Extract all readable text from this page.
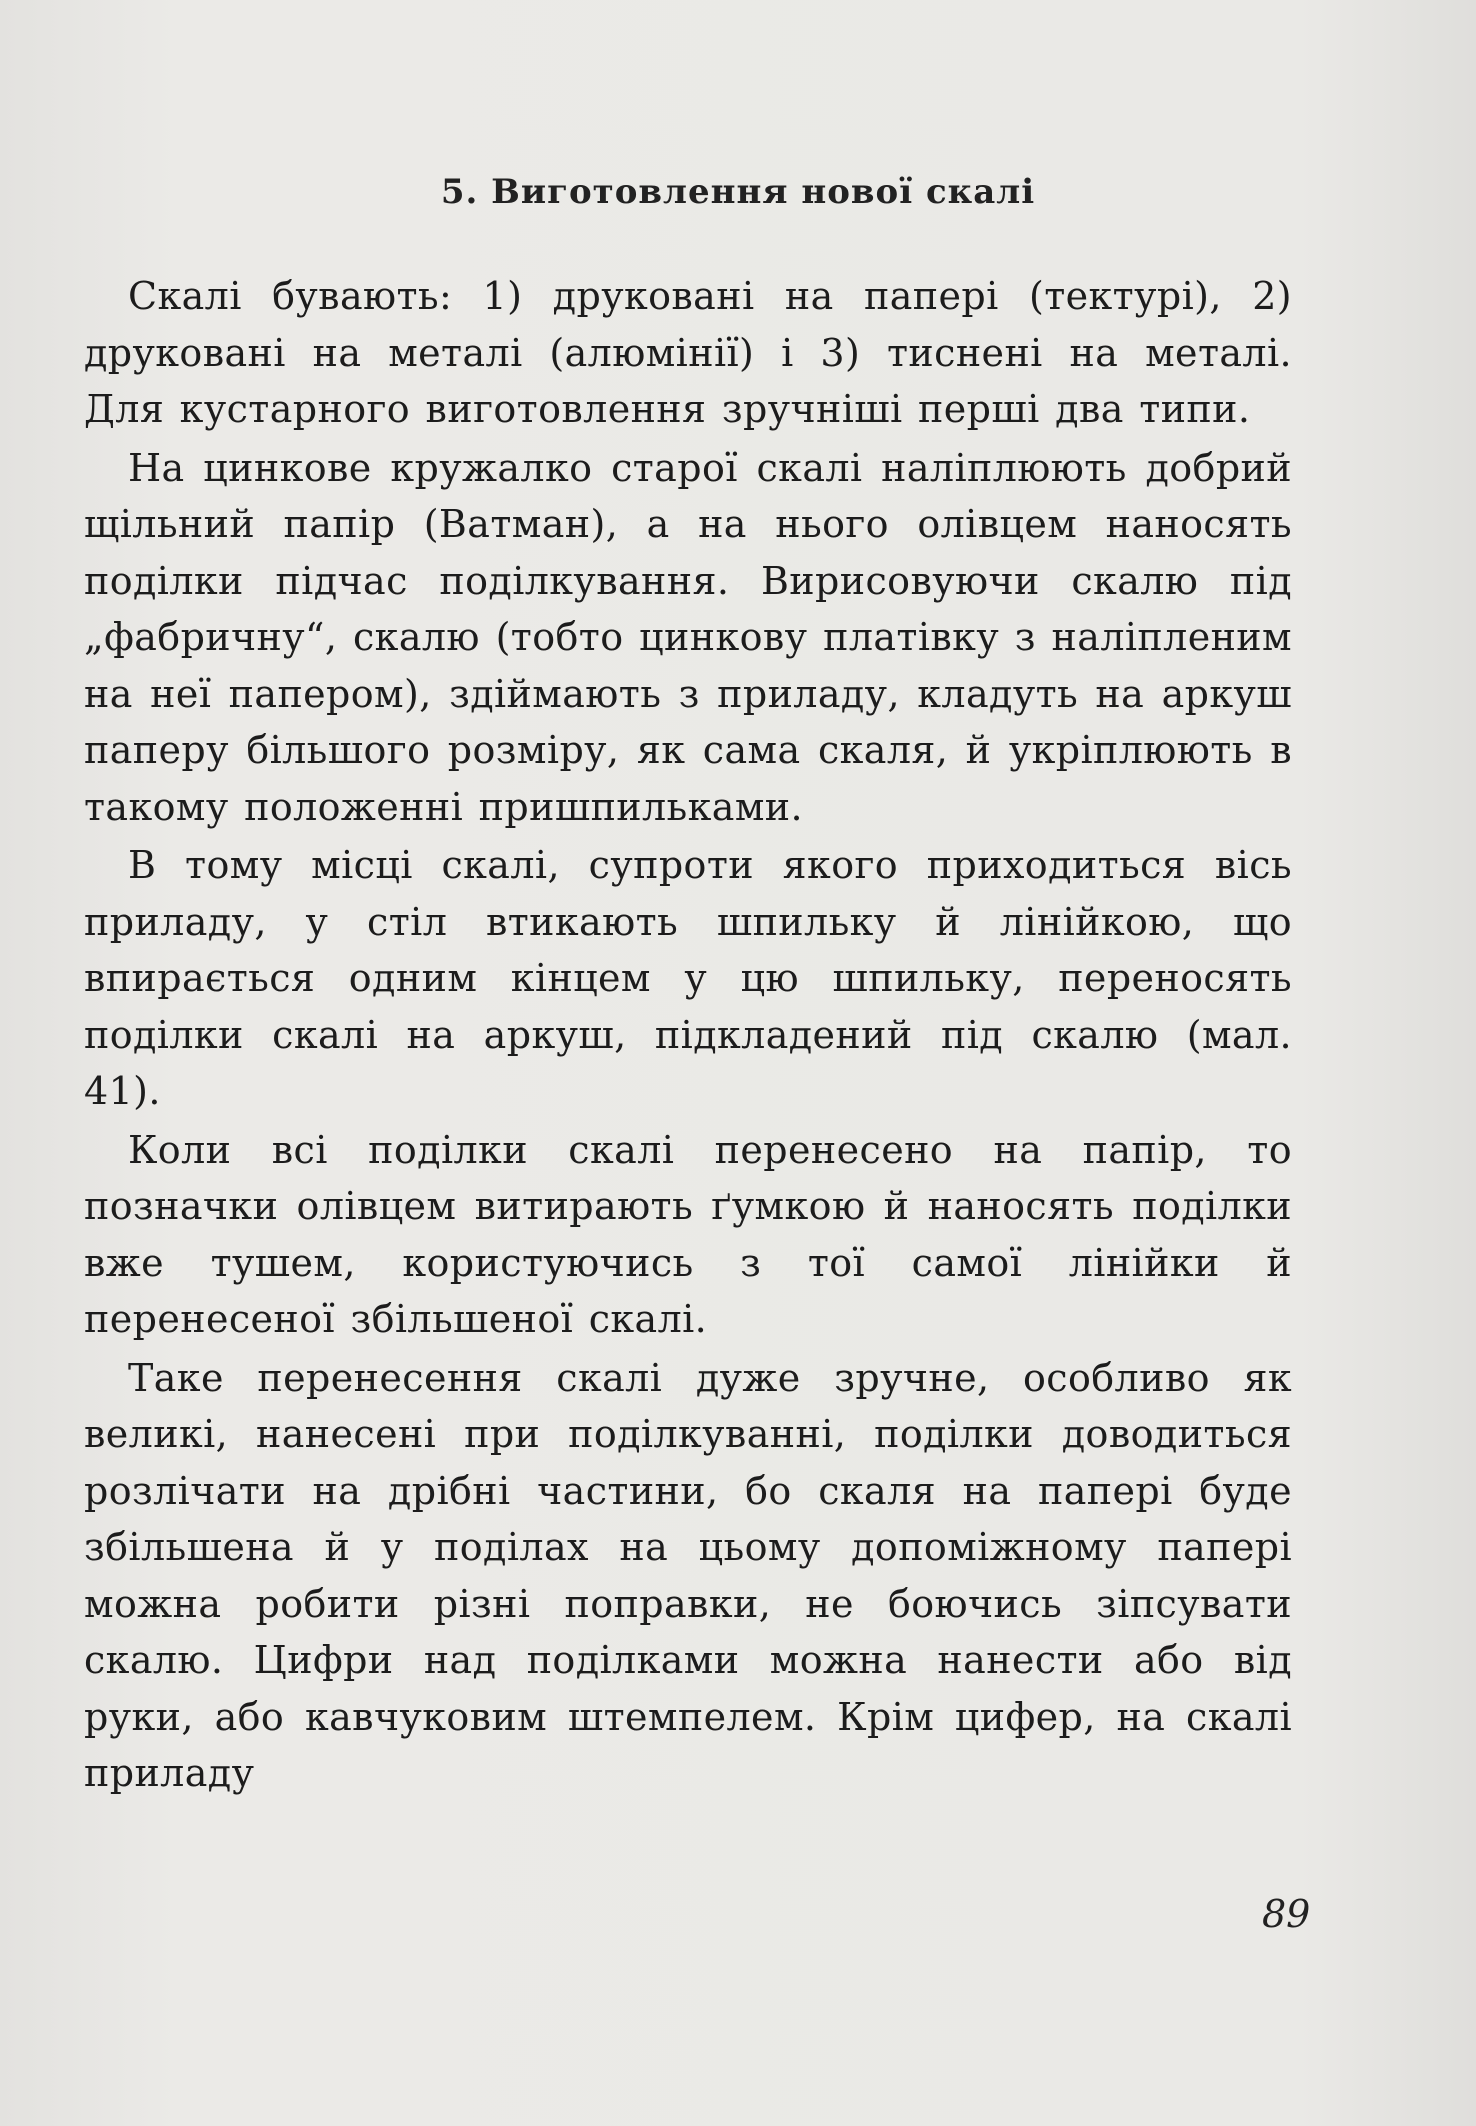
5. Виготовлення нової скалі

Скалі бувають: 1) друковані на папері (тектурі), 2) друковані на металі (алюмінії) і 3) тиснені на металі. Для кустарного виготовлення зручніші перші два типи.

На цинкове кружалко старої скалі наліплюють добрий щільний папір (Ватман), а на нього олівцем наносять поділки підчас поділкування. Вирисовуючи скалю під „фабричну“, скалю (тобто цинкову платівку з наліпленим на неї папером), здіймають з приладу, кладуть на аркуш паперу більшого розміру, як сама скаля, й укріплюють в такому положенні пришпильками.

В тому місці скалі, супроти якого приходиться вісь приладу, у стіл втикають шпильку й лінійкою, що впирається одним кінцем у цю шпильку, переносять поділки скалі на аркуш, підкладений під скалю (мал. 41).

Коли всі поділки скалі перенесено на папір, то позначки олівцем витирають ґумкою й наносять поділки вже тушем, користуючись з тої самої лінійки й перенесеної збільшеної скалі.

Таке перенесення скалі дуже зручне, особливо як великі, нанесені при поділкуванні, поділки доводиться розлічати на дрібні частини, бо скаля на папері буде збільшена й у поділах на цьому допоміжному папері можна робити різні поправки, не боючись зіпсувати скалю. Цифри над поділками можна нанести або від руки, або кавчуковим штемпелем. Крім цифер, на скалі приладу

89
